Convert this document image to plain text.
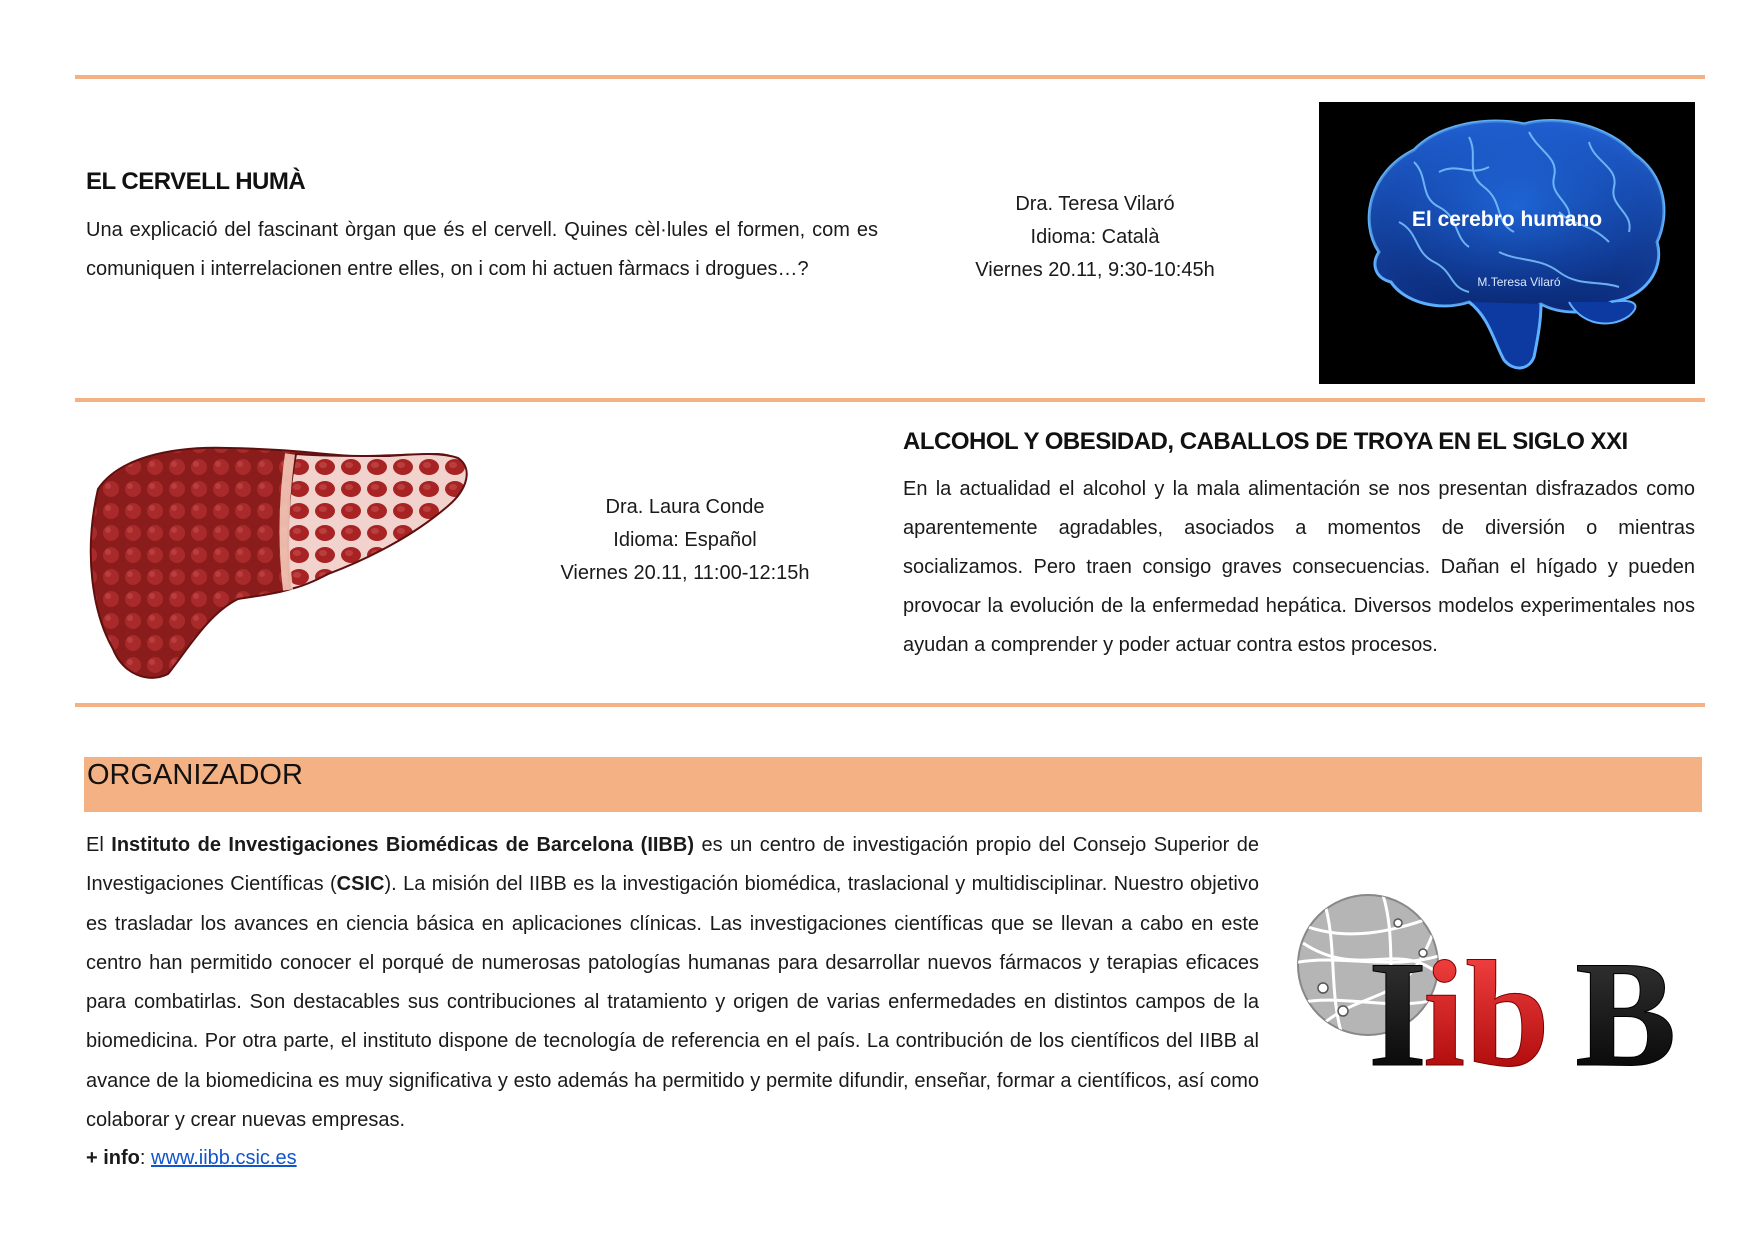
EL CERVELL HUMÀ

Una explicació del fascinant òrgan que és el cervell. Quines cèl·lules el formen, com es comuniquen i interrelacionen entre elles, on i com hi actuen fàrmacs i drogues…?

Dra. Teresa Vilaró
Idioma: Català
Viernes 20.11, 9:30-10:45h
El cerebro humano
M.Teresa Vilaró
Dra. Laura Conde
Idioma: Español
Viernes 20.11, 11:00-12:15h
ALCOHOL Y OBESIDAD, CABALLOS DE TROYA EN EL SIGLO XXI

En la actualidad el alcohol y la mala alimentación se nos presentan disfrazados como aparentemente agradables, asociados a momentos de diversión o mientras socializamos. Pero traen consigo graves consecuencias. Dañan el hígado y pueden provocar la evolución de la enfermedad hepática. Diversos modelos experimentales nos ayudan a comprender y poder actuar contra estos procesos.

ORGANIZADOR

El Instituto de Investigaciones Biomédicas de Barcelona (IIBB) es un centro de investigación propio del Consejo Superior de Investigaciones Científicas (CSIC). La misión del IIBB es la investigación biomédica, traslacional y multidisciplinar. Nuestro objetivo es trasladar los avances en ciencia básica en aplicaciones clínicas. Las investigaciones científicas que se llevan a cabo en este centro han permitido conocer el porqué de numerosas patologías humanas para desarrollar nuevos fármacos y terapias eficaces para combatirlas. Son destacables sus contribuciones al tratamiento y origen de varias enfermedades en distintos campos de la biomedicina. Por otra parte, el instituto dispone de tecnología de referencia en el país. La contribución de los científicos del IIBB al avance de la biomedicina es muy significativa y esto además ha permitido y permite difundir, enseñar, formar a científicos, así como colaborar y crear nuevas empresas.

+ info: www.iibb.csic.es
I
ib B
